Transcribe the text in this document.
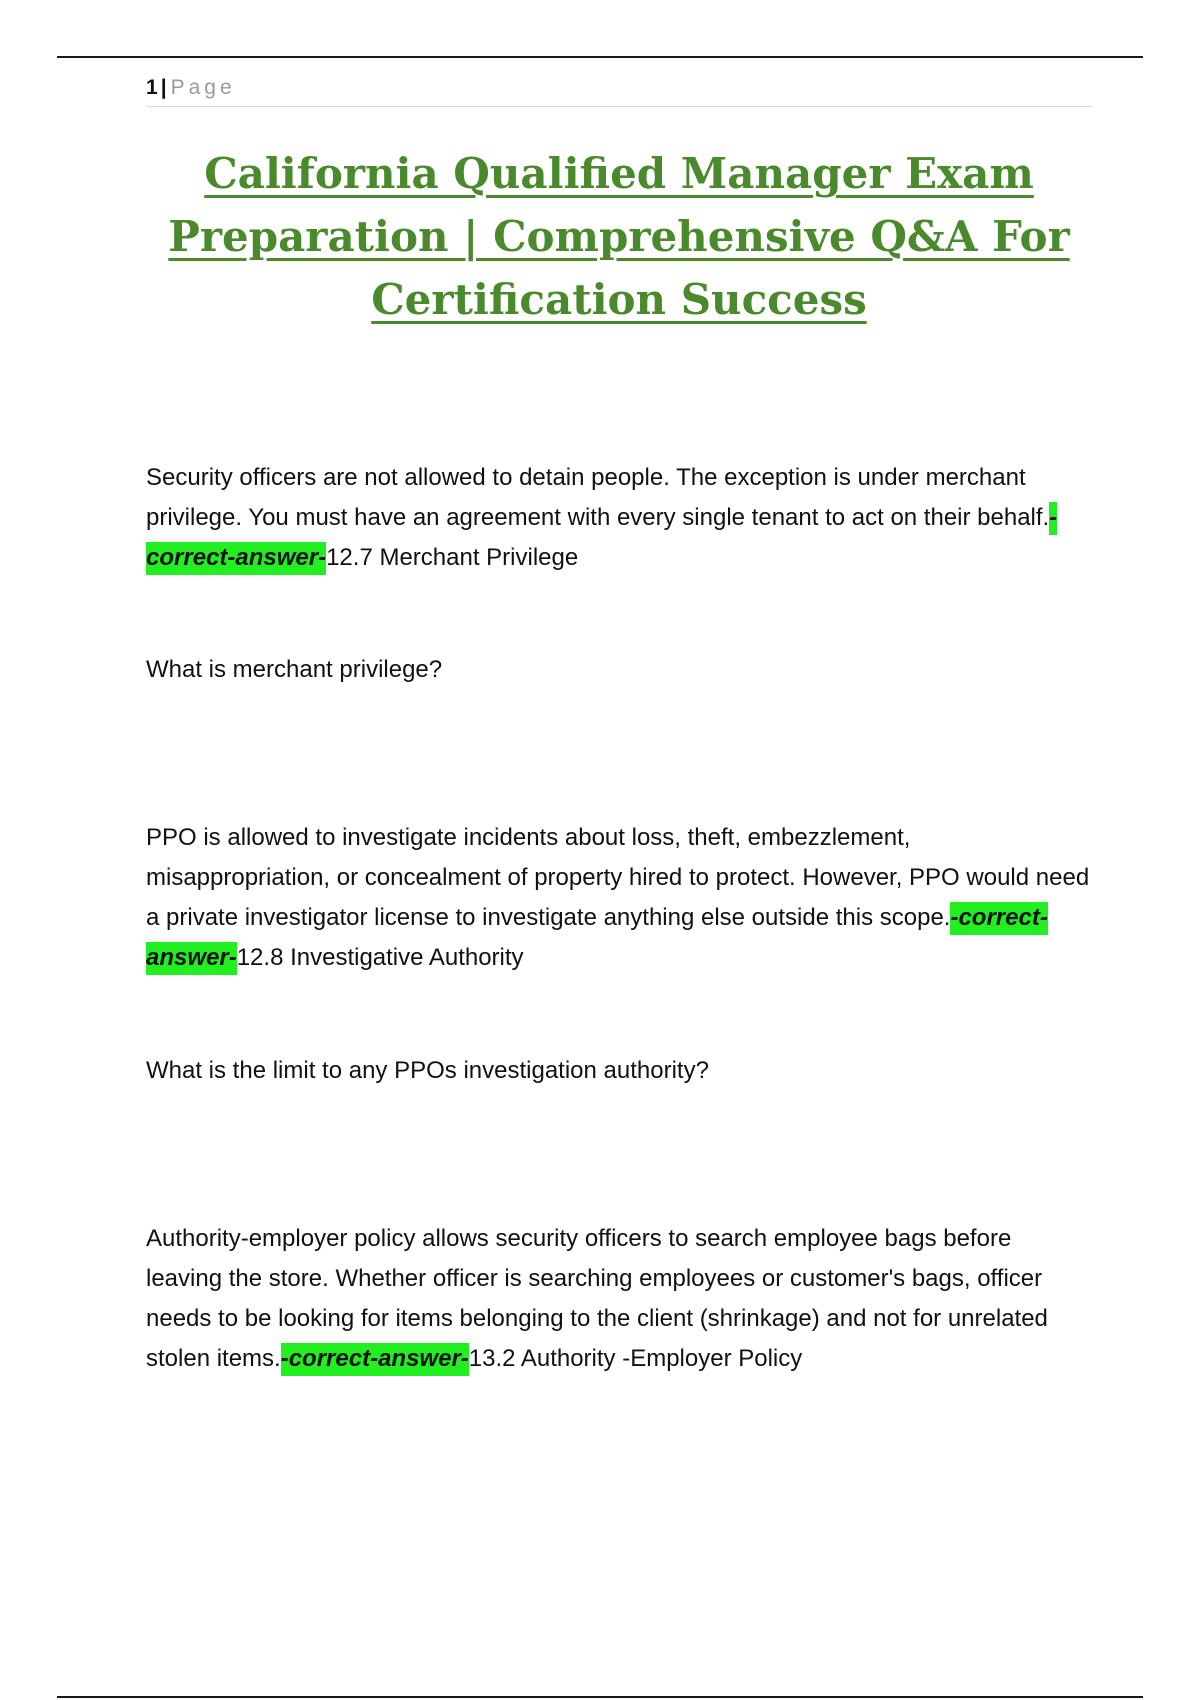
1 | Page
California Qualified Manager Exam Preparation | Comprehensive Q&A For Certification Success

Security officers are not allowed to detain people. The exception is under merchant privilege. You must have an agreement with every single tenant to act on their behalf.-correct-answer-12.7 Merchant Privilege

What is merchant privilege?

PPO is allowed to investigate incidents about loss, theft, embezzlement, misappropriation, or concealment of property hired to protect. However, PPO would need a private investigator license to investigate anything else outside this scope.-correct-answer-12.8 Investigative Authority

What is the limit to any PPOs investigation authority?

Authority-employer policy allows security officers to search employee bags before leaving the store. Whether officer is searching employees or customer's bags, officer needs to be looking for items belonging to the client (shrinkage) and not for unrelated stolen items.-correct-answer-13.2 Authority -Employer Policy
